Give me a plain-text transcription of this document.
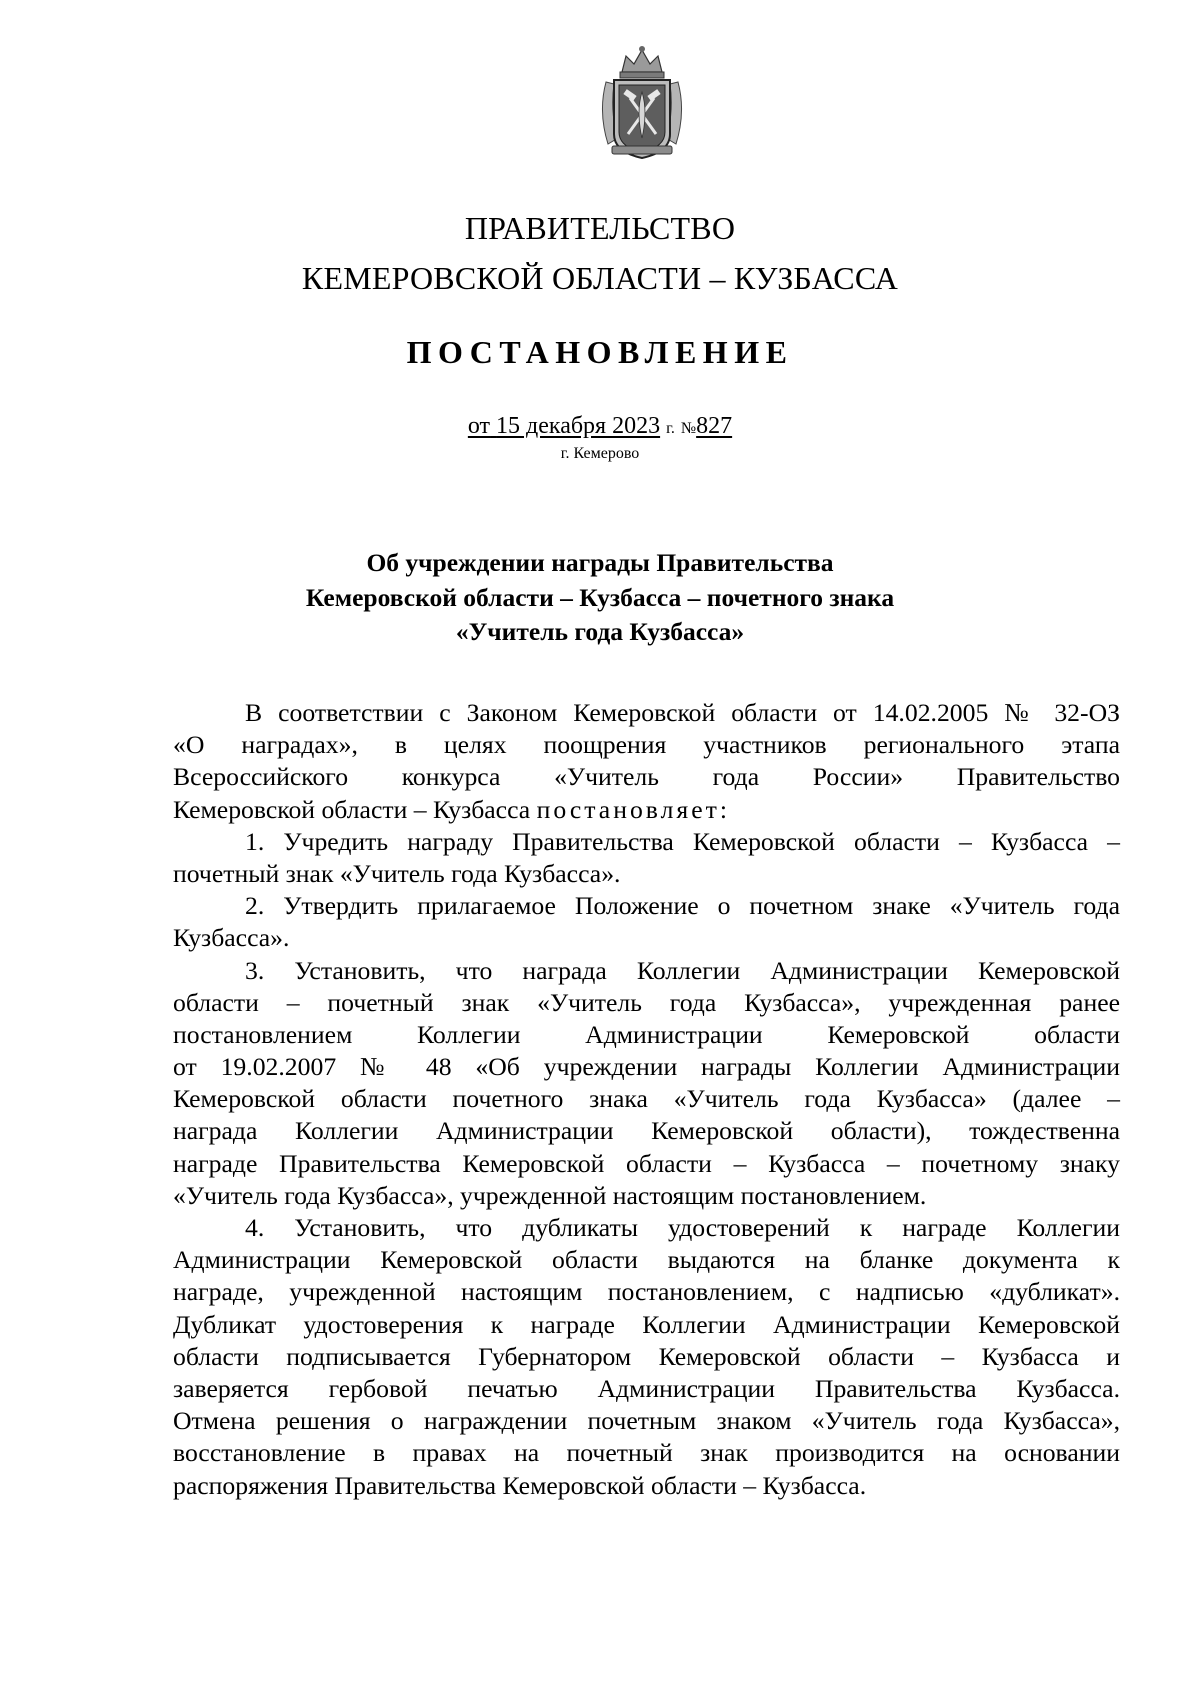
ПРАВИТЕЛЬСТВО
КЕМЕРОВСКОЙ ОБЛАСТИ – КУЗБАССА
ПОСТАНОВЛЕНИЕ
от 15 декабря 2023 г. №827
г. Кемерово
Об учреждении награды Правительства
Кемеровской области – Кузбасса – почетного знака
«Учитель года Кузбасса»
В соответствии с Законом Кемеровской области от 14.02.2005 № 32-ОЗ
«О наградах», в целях поощрения участников регионального этапа
Всероссийского конкурса «Учитель года России» Правительство
Кемеровской области – Кузбасса постановляет:
1. Учредить награду Правительства Кемеровской области – Кузбасса –
почетный знак «Учитель года Кузбасса».
2. Утвердить прилагаемое Положение о почетном знаке «Учитель года
Кузбасса».
3. Установить, что награда Коллегии Администрации Кемеровской
области – почетный знак «Учитель года Кузбасса», учрежденная ранее
постановлением Коллегии Администрации Кемеровской области
от 19.02.2007 № 48 «Об учреждении награды Коллегии Администрации
Кемеровской области почетного знака «Учитель года Кузбасса» (далее –
награда Коллегии Администрации Кемеровской области), тождественна
награде Правительства Кемеровской области – Кузбасса – почетному знаку
«Учитель года Кузбасса», учрежденной настоящим постановлением.
4. Установить, что дубликаты удостоверений к награде Коллегии
Администрации Кемеровской области выдаются на бланке документа к
награде, учрежденной настоящим постановлением, с надписью «дубликат».
Дубликат удостоверения к награде Коллегии Администрации Кемеровской
области подписывается Губернатором Кемеровской области – Кузбасса и
заверяется гербовой печатью Администрации Правительства Кузбасса.
Отмена решения о награждении почетным знаком «Учитель года Кузбасса»,
восстановление в правах на почетный знак производится на основании
распоряжения Правительства Кемеровской области – Кузбасса.
